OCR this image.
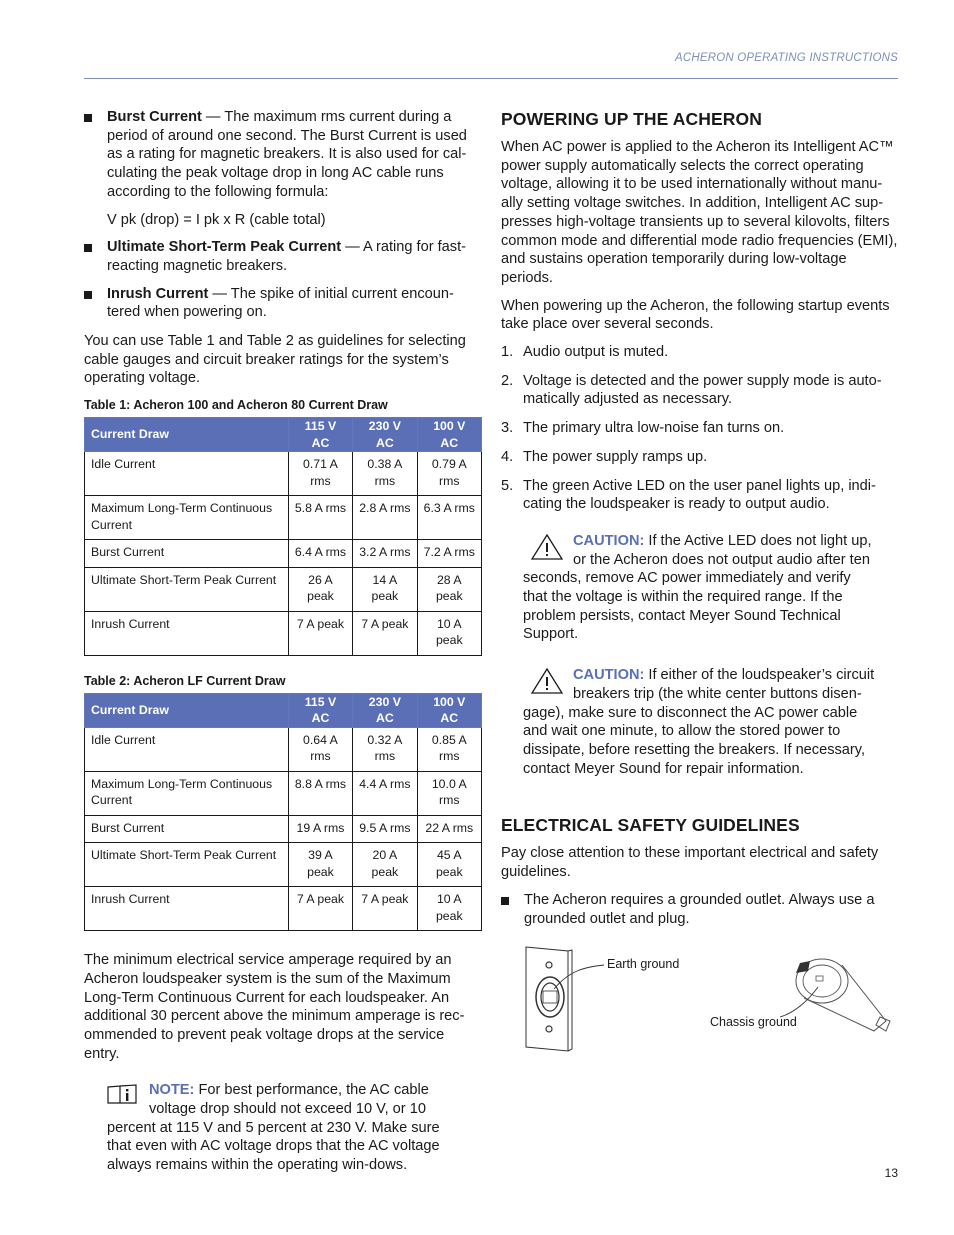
ACHERON OPERATING INSTRUCTIONS

Burst Current — The maximum rms current during a period of around one second. The Burst Current is used as a rating for magnetic breakers. It is also used for cal-culating the peak voltage drop in long AC cable runs according to the following formula:

V pk (drop) = I pk x R (cable total)

Ultimate Short-Term Peak Current — A rating for fast-reacting magnetic breakers.

Inrush Current — The spike of initial current encoun-tered when powering on.

You can use Table 1 and Table 2 as guidelines for selecting cable gauges and circuit breaker ratings for the system’s operating voltage.

Table 1: Acheron 100 and Acheron 80 Current Draw
Current Draw	115 V AC	230 V AC	100 V AC
Idle Current	0.71 A rms	0.38 A rms	0.79 A rms
Maximum Long-Term Continuous Current	5.8 A rms	2.8 A rms	6.3 A rms
Burst Current	6.4 A rms	3.2 A rms	7.2 A rms
Ultimate Short-Term Peak Current	26 A peak	14 A peak	28 A peak
Inrush Current	7 A peak	7 A peak	10 A peak
Table 2: Acheron LF Current Draw
Current Draw	115 V AC	230 V AC	100 V AC
Idle Current	0.64 A rms	0.32 A rms	0.85 A rms
Maximum Long-Term Continuous Current	8.8 A rms	4.4 A rms	10.0 A rms
Burst Current	19 A rms	9.5 A rms	22 A rms
Ultimate Short-Term Peak Current	39 A peak	20 A peak	45 A peak
Inrush Current	7 A peak	7 A peak	10 A peak

The minimum electrical service amperage required by an Acheron loudspeaker system is the sum of the Maximum Long-Term Continuous Current for each loudspeaker. An additional 30 percent above the minimum amperage is rec-ommended to prevent peak voltage drops at the service entry.

NOTE: For best performance, the AC cable voltage drop should not exceed 10 V, or 10 percent at 115 V and 5 percent at 230 V. Make sure that even with AC voltage drops that the AC voltage always remains within the operating win-dows.

POWERING UP THE ACHERON

When AC power is applied to the Acheron its Intelligent AC™ power supply automatically selects the correct operating voltage, allowing it to be used internationally without manu-ally setting voltage switches. In addition, Intelligent AC sup-presses high-voltage transients up to several kilovolts, filters common mode and differential mode radio frequencies (EMI), and sustains operation temporarily during low-voltage periods.

When powering up the Acheron, the following startup events take place over several seconds.

1. Audio output is muted.

2. Voltage is detected and the power supply mode is auto-matically adjusted as necessary.

3. The primary ultra low-noise fan turns on.

4. The power supply ramps up.

5. The green Active LED on the user panel lights up, indi-cating the loudspeaker is ready to output audio.

CAUTION: If the Active LED does not light up, or the Acheron does not output audio after ten seconds, remove AC power immediately and verify that the voltage is within the required range. If the problem persists, contact Meyer Sound Technical Support.

CAUTION: If either of the loudspeaker’s circuit breakers trip (the white center buttons disen-gage), make sure to disconnect the AC power cable and wait one minute, to allow the stored power to dissipate, before resetting the breakers. If necessary, contact Meyer Sound for repair information.

ELECTRICAL SAFETY GUIDELINES

Pay close attention to these important electrical and safety guidelines.

The Acheron requires a grounded outlet. Always use a grounded outlet and plug.

Earth ground
Chassis ground
13
